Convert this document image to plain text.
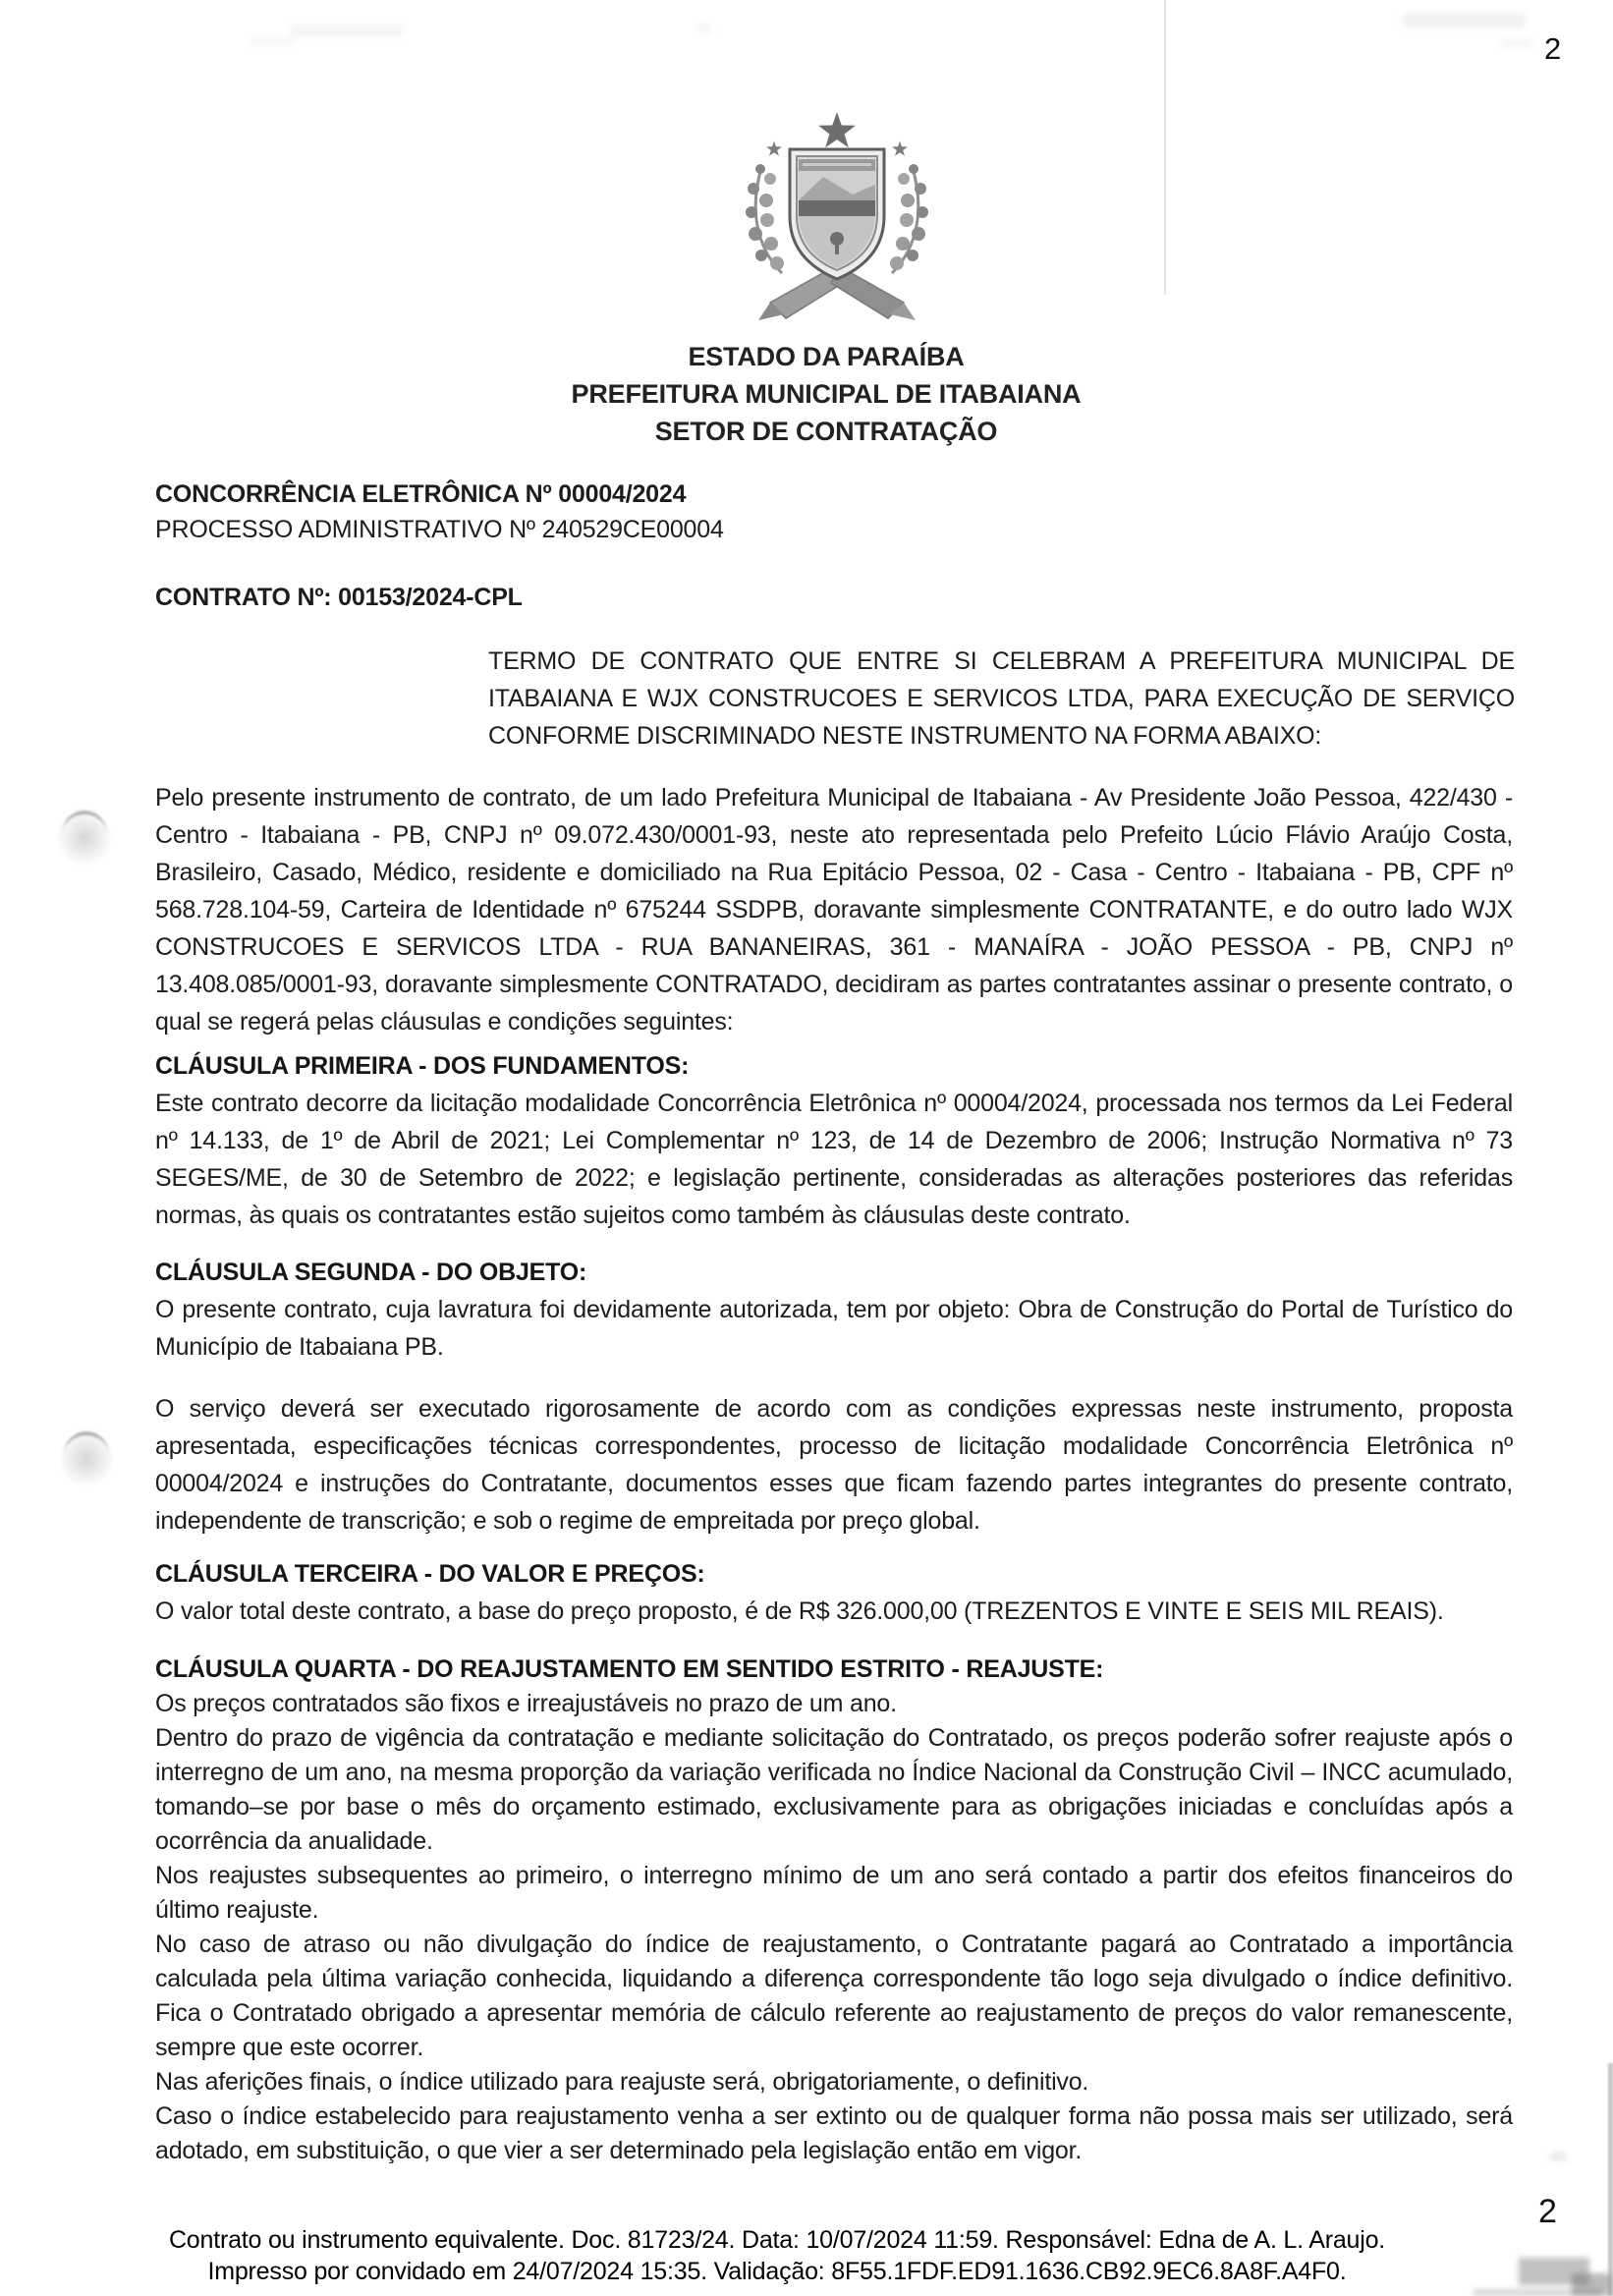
2
ESTADO DA PARAÍBA
PREFEITURA MUNICIPAL DE ITABAIANA
SETOR DE CONTRATAÇÃO
CONCORRÊNCIA ELETRÔNICA Nº 00004/2024
PROCESSO ADMINISTRATIVO Nº 240529CE00004
CONTRATO Nº: 00153/2024-CPL
TERMO DE CONTRATO QUE ENTRE SI CELEBRAM A PREFEITURA MUNICIPAL DE ITABAIANA E WJX CONSTRUCOES E SERVICOS LTDA, PARA EXECUÇÃO DE SERVIÇO CONFORME DISCRIMINADO NESTE INSTRUMENTO NA FORMA ABAIXO:
Pelo presente instrumento de contrato, de um lado Prefeitura Municipal de Itabaiana - Av Presidente João Pessoa, 422/430 - Centro - Itabaiana - PB, CNPJ nº 09.072.430/0001-93, neste ato representada pelo Prefeito Lúcio Flávio Araújo Costa, Brasileiro, Casado, Médico, residente e domiciliado na Rua Epitácio Pessoa, 02 - Casa - Centro - Itabaiana - PB, CPF nº 568.728.104-59, Carteira de Identidade nº 675244 SSDPB, doravante simplesmente CONTRATANTE, e do outro lado WJX CONSTRUCOES E SERVICOS LTDA - RUA BANANEIRAS, 361 - MANAÍRA - JOÃO PESSOA - PB, CNPJ nº 13.408.085/0001-93, doravante simplesmente CONTRATADO, decidiram as partes contratantes assinar o presente contrato, o qual se regerá pelas cláusulas e condições seguintes:
CLÁUSULA PRIMEIRA - DOS FUNDAMENTOS:
Este contrato decorre da licitação modalidade Concorrência Eletrônica nº 00004/2024, processada nos termos da Lei Federal nº 14.133, de 1º de Abril de 2021; Lei Complementar nº 123, de 14 de Dezembro de 2006; Instrução Normativa nº 73 SEGES/ME, de 30 de Setembro de 2022; e legislação pertinente, consideradas as alterações posteriores das referidas normas, às quais os contratantes estão sujeitos como também às cláusulas deste contrato.
CLÁUSULA SEGUNDA - DO OBJETO:
O presente contrato, cuja lavratura foi devidamente autorizada, tem por objeto: Obra de Construção do Portal de Turístico do Município de Itabaiana PB.
O serviço deverá ser executado rigorosamente de acordo com as condições expressas neste instrumento, proposta apresentada, especificações técnicas correspondentes, processo de licitação modalidade Concorrência Eletrônica nº 00004/2024 e instruções do Contratante, documentos esses que ficam fazendo partes integrantes do presente contrato, independente de transcrição; e sob o regime de empreitada por preço global.
CLÁUSULA TERCEIRA - DO VALOR E PREÇOS:
O valor total deste contrato, a base do preço proposto, é de R$ 326.000,00 (TREZENTOS E VINTE E SEIS MIL REAIS).
CLÁUSULA QUARTA - DO REAJUSTAMENTO EM SENTIDO ESTRITO - REAJUSTE:
Os preços contratados são fixos e irreajustáveis no prazo de um ano.
Dentro do prazo de vigência da contratação e mediante solicitação do Contratado, os preços poderão sofrer reajuste após o interregno de um ano, na mesma proporção da variação verificada no Índice Nacional da Construção Civil – INCC acumulado, tomando–se por base o mês do orçamento estimado, exclusivamente para as obrigações iniciadas e concluídas após a ocorrência da anualidade.
Nos reajustes subsequentes ao primeiro, o interregno mínimo de um ano será contado a partir dos efeitos financeiros do último reajuste.
No caso de atraso ou não divulgação do índice de reajustamento, o Contratante pagará ao Contratado a importância calculada pela última variação conhecida, liquidando a diferença correspondente tão logo seja divulgado o índice definitivo. Fica o Contratado obrigado a apresentar memória de cálculo referente ao reajustamento de preços do valor remanescente, sempre que este ocorrer.
Nas aferições finais, o índice utilizado para reajuste será, obrigatoriamente, o definitivo.
Caso o índice estabelecido para reajustamento venha a ser extinto ou de qualquer forma não possa mais ser utilizado, será adotado, em substituição, o que vier a ser determinado pela legislação então em vigor.
2
Contrato ou instrumento equivalente. Doc. 81723/24. Data: 10/07/2024 11:59. Responsável: Edna de A. L. Araujo.
Impresso por convidado em 24/07/2024 15:35. Validação: 8F55.1FDF.ED91.1636.CB92.9EC6.8A8F.A4F0.
